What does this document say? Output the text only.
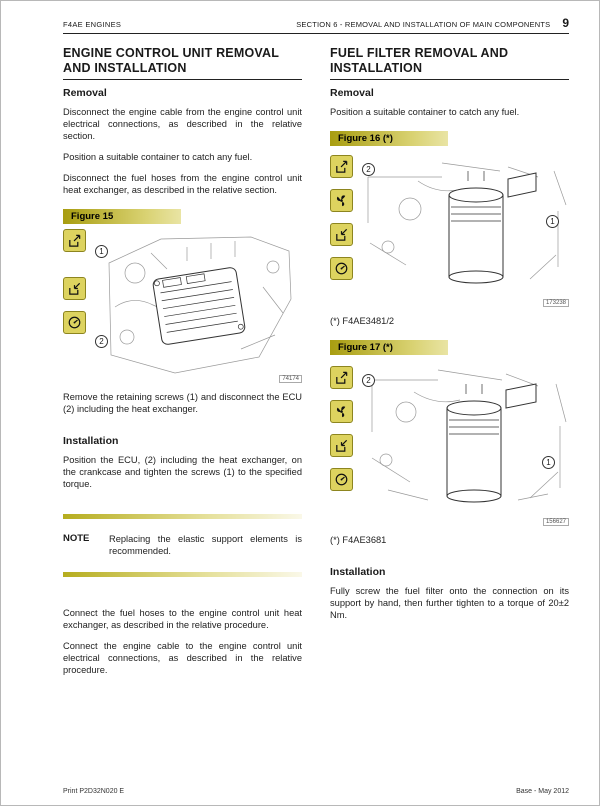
F4AE ENGINES	SECTION 6 - REMOVAL AND INSTALLATION OF MAIN COMPONENTS 9
ENGINE CONTROL UNIT REMOVAL AND INSTALLATION
Removal

Disconnect the engine cable from the engine control unit electrical connections, as described in the relative section.

Position a suitable container to catch any fuel.

Disconnect the fuel hoses from the engine control unit heat exchanger, as described in the relative section.

Figure 15
1
2
74174

Remove the retaining screws (1) and disconnect the ECU (2) including the heat exchanger.

Installation

Position the ECU, (2) including the heat exchanger, on the crankcase and tighten the screws (1) to the specified torque.

NOTE	Replacing the elastic support elements is recommended.

Connect the fuel hoses to the engine control unit heat exchanger, as described in the relative procedure.

Connect the engine cable to the engine control unit electrical connections, as described in the relative procedure.

FUEL FILTER REMOVAL AND INSTALLATION
Removal

Position a suitable container to catch any fuel.

Figure 16 (*)
2
1
173238

(*) F4AE3481/2

Figure 17 (*)
2
1
156627

(*) F4AE3681

Installation

Fully screw the fuel filter onto the connection on its support by hand, then further tighten to a torque of 20±2 Nm.

Print P2D32N020 E	Base - May 2012
